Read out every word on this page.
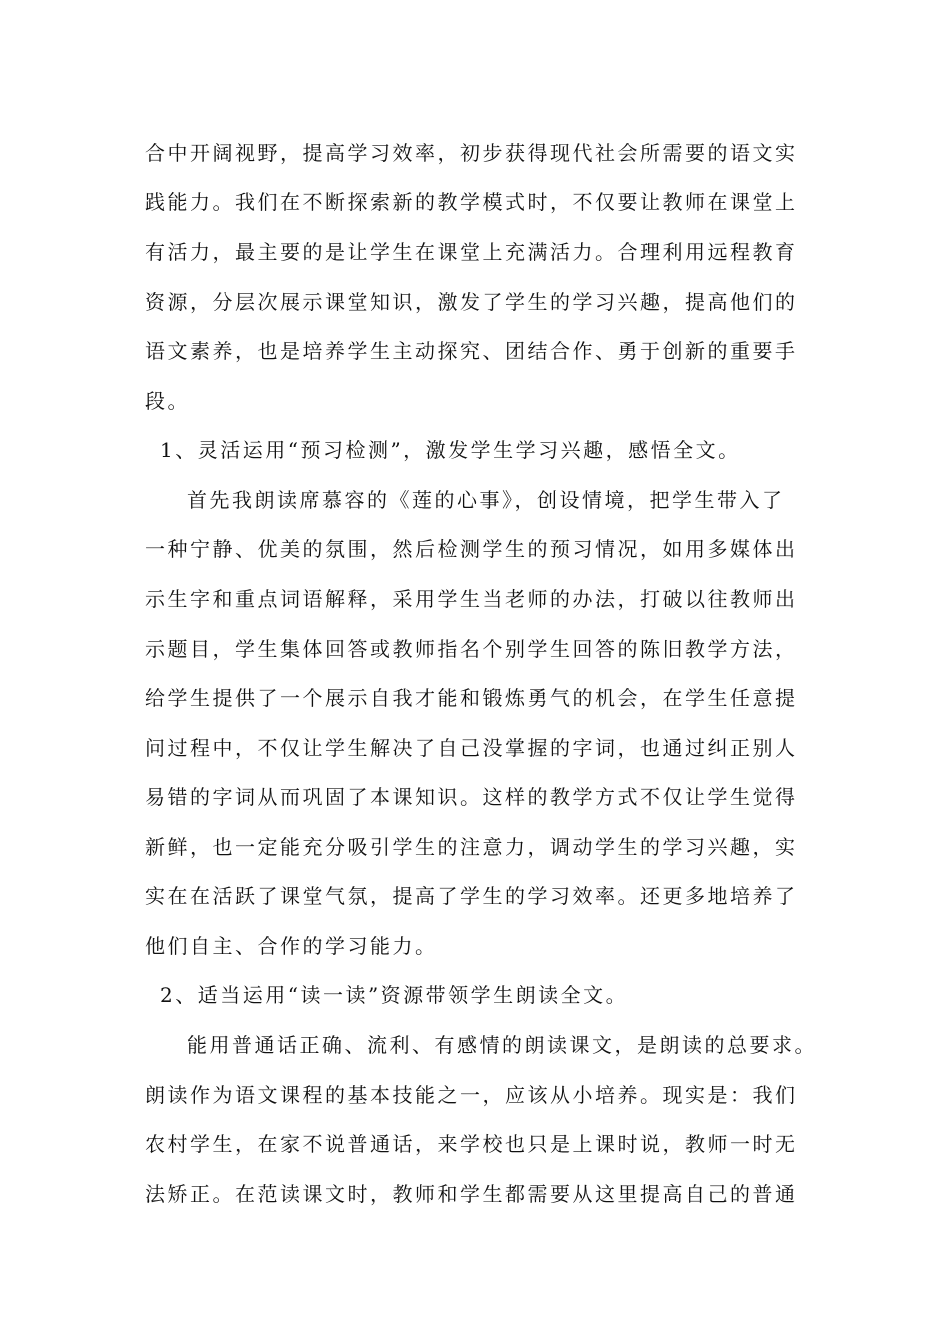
合中开阔视野，提高学习效率，初步获得现代社会所需要的语文实
践能力。我们在不断探索新的教学模式时，不仅要让教师在课堂上
有活力，最主要的是让学生在课堂上充满活力。合理利用远程教育
资源，分层次展示课堂知识，激发了学生的学习兴趣，提高他们的
语文素养，也是培养学生主动探究、团结合作、勇于创新的重要手
段。
1、灵活运用“预习检测”，激发学生学习兴趣，感悟全文。
首先我朗读席慕容的《莲的心事》，创设情境，把学生带入了
一种宁静、优美的氛围，然后检测学生的预习情况，如用多媒体出
示生字和重点词语解释，采用学生当老师的办法，打破以往教师出
示题目，学生集体回答或教师指名个别学生回答的陈旧教学方法，
给学生提供了一个展示自我才能和锻炼勇气的机会，在学生任意提
问过程中，不仅让学生解决了自己没掌握的字词，也通过纠正别人
易错的字词从而巩固了本课知识。这样的教学方式不仅让学生觉得
新鲜，也一定能充分吸引学生的注意力，调动学生的学习兴趣，实
实在在活跃了课堂气氛，提高了学生的学习效率。还更多地培养了
他们自主、合作的学习能力。
2、适当运用“读一读”资源带领学生朗读全文。
能用普通话正确、流利、有感情的朗读课文，是朗读的总要求。
朗读作为语文课程的基本技能之一，应该从小培养。现实是：我们
农村学生，在家不说普通话，来学校也只是上课时说，教师一时无
法矫正。在范读课文时，教师和学生都需要从这里提高自己的普通
